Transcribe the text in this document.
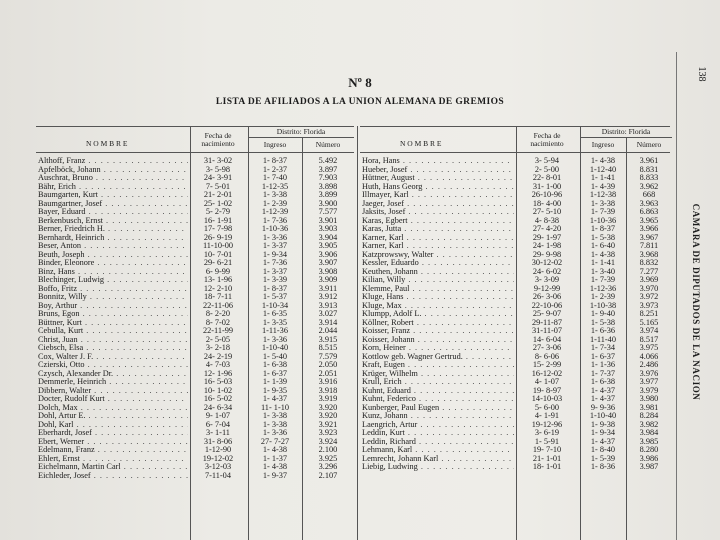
138
CAMARA DE DIPUTADOS DE LA NACION
Nº 8
LISTA DE AFILIADOS A LA UNION ALEMANA DE GREMIOS
N O M B R E
Fecha de
nacimiento
Distrito: Florida
Ingreso	Número	N O M B R E
Fecha de
nacimiento
Distrito: Florida
Ingreso	Número
Althoff, Franz . . .	31- 3-02	1- 8-37	5.492
Apfelböck, Johann . . .	3- 5-98	1- 2-37	3.897
Auschrat, Bruno . . .	24- 3-91	1- 7-40	7.903
Bähr, Erich . . .	7- 5-01	1-12-35	3.898
Baumgarten, Kurt . . .	21- 2-01	1- 3-38	3.899
Baumgartner, Josef . . .	25- 1-02	1- 2-39	3.900
Bayer, Eduard . . .	5- 2-79	1-12-39	7.577
Berkenbusch, Ernst . . .	16- 1-91	1- 7-36	3.901
Berner, Friedrich H. . . .	17- 7-98	1-10-36	3.903
Bernhardt, Heinrich . . .	26- 9-19	1- 3-36	3.904
Beser, Anton . . .	11-10-00	1- 3-37	3.905
Beuth, Joseph . . .	10- 7-01	1- 9-34	3.906
Binder, Eleonore . . .	29- 6-21	1- 7-36	3.907
Binz, Hans . . .	6- 9-99	1- 3-37	3.908
Blechinger, Ludwig . . .	13- 1-96	1- 3-39	3.909
Boffo, Fritz . . .	12- 2-10	1- 8-37	3.911
Bonnitz, Willy . . .	18- 7-11	1- 5-37	3.912
Boy, Arthur . . .	22-11-06	1-10-34	3.913
Bruns, Egon . . .	8- 2-20	1- 6-35	3.027
Büttner, Kurt . . .	8- 7-02	1- 3-35	3.914
Cebulla, Kurt . . .	22-11-99	1-11-36	2.044
Christ, Juan . . .	2- 5-05	1- 3-36	3.915
Ciebsch, Elsa . . .	3- 2-18	1-10-40	8.515
Cox, Walter J. F. . . .	24- 2-19	1- 5-40	7.579
Czierski, Otto . . .	4- 7-03	1- 6-38	2.050
Czysch, Alexander Dr. . . .	12- 1-96	1- 6-37	2.051
Demmerle, Heinrich . . .	16- 5-03	1- 1-39	3.916
Dibbern, Walter . . .	10- 1-02	1- 9-35	3.918
Docter, Rudolf Kurt . . .	16- 5-02	1- 4-37	3.919
Dolch, Max . . .	24- 6-34	11- 1-10	3.920
Dohl, Artur E. . . .	9- 1-07	1- 3-38	3.920
Dohl, Karl . . .	6- 7-04	1- 3-38	3.921
Eberhardt, Josef . . .	3- 1-11	1- 3-36	3.923
Ebert, Werner . . .	31- 8-06	27- 7-27	3.924
Edelmann, Franz . . .	1-12-90	1- 4-38	2.100
Ehlert, Ernst . . .	19-12-02	1- 1-37	3.925
Eichelmann, Martin Carl . . .	3-12-03	1- 4-38	3.296
Eichleder, Josef . . .	7-11-04	1- 9-37	2.107
Hora, Hans . . .	3- 5-94	1- 4-38	3.961
Hueber, Josef . . .	2- 5-00	1-12-40	8.831
Hüttner, August . . .	22- 8-01	1- 1-41	8.833
Huth, Hans Georg . . .	31- 1-00	1- 4-39	3.962
Illmayer, Karl . . .	26-10-96	1-12-38	668
Jaeger, Josef . . .	18- 4-00	1- 3-38	3.963
Jaksits, Josef . . .	27- 5-10	1- 7-39	6.863
Karas, Egbert . . .	4- 8-38	1-10-36	3.965
Karas, Jutta . . .	27- 4-20	1- 8-37	3.966
Karner, Karl . . .	29- 1-97	1- 5-38	3.967
Karner, Karl . . .	24- 1-98	1- 6-40	7.811
Katzprowswy, Walter . . .	29- 9-98	1- 4-38	3.968
Kessler, Eduardo . . .	30-12-02	1- 1-41	8.832
Keuthen, Johann . . .	24- 6-02	1- 3-40	7.277
Kilian, Willy . . .	3- 3-09	1- 7-39	3.969
Klemme, Paul . . .	9-12-99	1-12-36	3.970
Kluge, Hans . . .	26- 3-06	1- 2-39	3.972
Kluge, Max . . .	22-10-06	1-10-38	3.973
Klumpp, Adolf L. . . .	25- 9-07	1- 9-40	8.251
Köllner, Robert . . .	29-11-87	1- 5-38	5.165
Koisser, Franz . . .	31-11-07	1- 6-36	3.974
Koisser, Johann . . .	14- 6-04	1-11-40	8.517
Korn, Heiner . . .	27- 3-06	1- 7-34	3.975
Kottlow geb. Wagner Gertrud. . . .	8- 6-06	1- 6-37	4.066
Kraft, Eugen . . .	15- 2-99	1- 1-36	2.486
Krüger, Wilhelm . . .	16-12-02	1- 7-37	3.976
Krull, Erich . . .	4- 1-07	1- 6-38	3.977
Kuhnt, Eduard . . .	19- 8-97	1- 4-37	3.979
Kuhnt, Federico . . .	14-10-03	1- 4-37	3.980
Kunberger, Paul Eugen . . .	5- 6-00	9- 9-36	3.981
Kunz, Johann . . .	4- 1-91	1-10-40	8.284
Laengrich, Artur . . .	19-12-96	1- 9-38	3.982
Leddin, Kurt . . .	3- 6-19	1- 9-34	3.984
Leddin, Richard . . .	1- 5-91	1- 4-37	3.985
Lehmann, Karl . . .	19- 7-10	1- 8-40	8.280
Lemrecht, Johann Karl . . .	21- 1-01	1- 5-39	3.986
Liebig, Ludwing . . .	18- 1-01	1- 8-36	3.987
